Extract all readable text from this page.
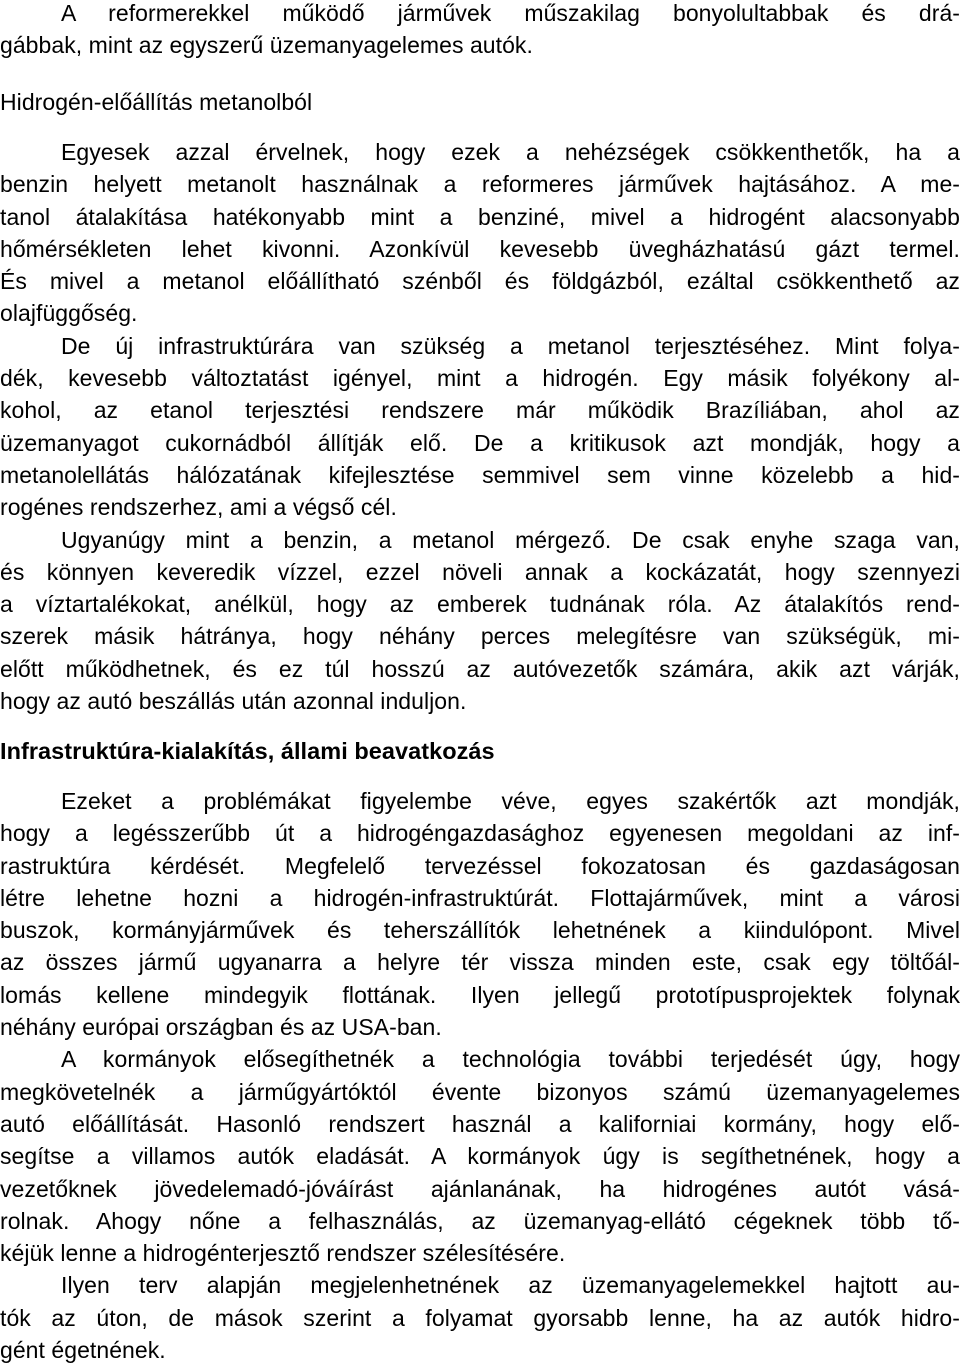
A reformerekkel működő járművek műszakilag bonyolultabbak és drá-
gábbak, mint az egyszerű üzemanyagelemes autók.
Hidrogén-előállítás metanolból
Egyesek azzal érvelnek, hogy ezek a nehézségek csökkenthetők, ha a
benzin helyett metanolt használnak a reformeres járművek hajtásához. A me-
tanol átalakítása hatékonyabb mint a benziné, mivel a hidrogént alacsonyabb
hőmérsékleten lehet kivonni. Azonkívül kevesebb üvegházhatású gázt termel.
És mivel a metanol előállítható szénből és földgázból, ezáltal csökkenthető az
olajfüggőség.
De új infrastruktúrára van szükség a metanol terjesztéséhez. Mint folya-
dék, kevesebb változtatást igényel, mint a hidrogén. Egy másik folyékony al-
kohol, az etanol terjesztési rendszere már működik Brazíliában, ahol az
üzemanyagot cukornádból állítják elő. De a kritikusok azt mondják, hogy a
metanolellátás hálózatának kifejlesztése semmivel sem vinne közelebb a hid-
rogénes rendszerhez, ami a végső cél.
Ugyanúgy mint a benzin, a metanol mérgező. De csak enyhe szaga van,
és könnyen keveredik vízzel, ezzel növeli annak a kockázatát, hogy szennyezi
a víztartalékokat, anélkül, hogy az emberek tudnának róla. Az átalakítós rend-
szerek másik hátránya, hogy néhány perces melegítésre van szükségük, mi-
előtt működhetnek, és ez túl hosszú az autóvezetők számára, akik azt várják,
hogy az autó beszállás után azonnal induljon.
Infrastruktúra-kialakítás, állami beavatkozás
Ezeket a problémákat figyelembe véve, egyes szakértők azt mondják,
hogy a legésszerűbb út a hidrogéngazdasághoz egyenesen megoldani az inf-
rastruktúra kérdését. Megfelelő tervezéssel fokozatosan és gazdaságosan
létre lehetne hozni a hidrogén-infrastruktúrát. Flottajárművek, mint a városi
buszok, kormányjárművek és teherszállítók lehetnének a kiindulópont. Mivel
az összes jármű ugyanarra a helyre tér vissza minden este, csak egy töltőál-
lomás kellene mindegyik flottának. Ilyen jellegű prototípusprojektek folynak
néhány európai országban és az USA-ban.
A kormányok elősegíthetnék a technológia további terjedését úgy, hogy
megkövetelnék a járműgyártóktól évente bizonyos számú üzemanyagelemes
autó előállítását. Hasonló rendszert használ a kaliforniai kormány, hogy elő-
segítse a villamos autók eladását. A kormányok úgy is segíthetnének, hogy a
vezetőknek jövedelemadó-jóváírást ajánlanának, ha hidrogénes autót vásá-
rolnak. Ahogy nőne a felhasználás, az üzemanyag-ellátó cégeknek több tő-
kéjük lenne a hidrogénterjesztő rendszer szélesítésére.
Ilyen terv alapján megjelenhetnének az üzemanyagelemekkel hajtott au-
tók az úton, de mások szerint a folyamat gyorsabb lenne, ha az autók hidro-
gént égetnének.
